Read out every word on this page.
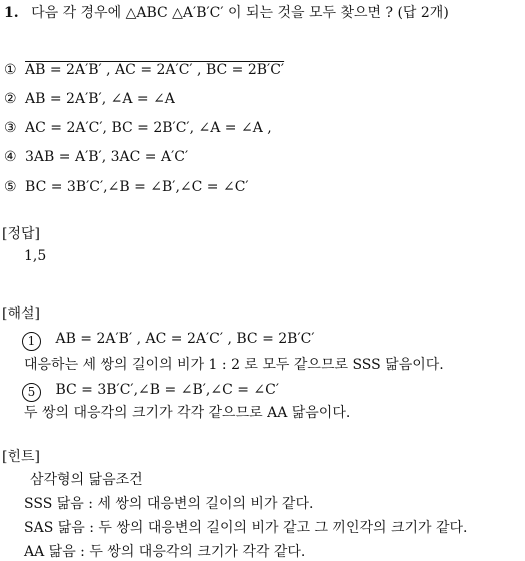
1. 다음 각 경우에 △ABC △A′B′C′ 이 되는 것을 모두 찾으면 ? (답 2개)
① AB = 2A′B′ , AC = 2A′C′ , BC = 2B′C′
② AB = 2A′B′, ∠A = ∠A
③ AC = 2A′C′, BC = 2B′C′, ∠A = ∠A ,
④ 3AB = A′B′, 3AC = A′C′
⑤ BC = 3B′C′,∠B = ∠B′,∠C = ∠C′
[정답]
1,5
[해설]
1 AB = 2A′B′ , AC = 2A′C′ , BC = 2B′C′
대응하는 세 쌍의 길이의 비가 1 : 2 로 모두 같으므로 SSS 닮음이다.
5 BC = 3B′C′,∠B = ∠B′,∠C = ∠C′
두 쌍의 대응각의 크기가 각각 같으므로 AA 닮음이다.
[힌트]
삼각형의 닮음조건
SSS 닮음 : 세 쌍의 대응변의 길이의 비가 같다.
SAS 닮음 : 두 쌍의 대응변의 길이의 비가 같고 그 끼인각의 크기가 같다.
AA 닮음 : 두 쌍의 대응각의 크기가 각각 같다.
